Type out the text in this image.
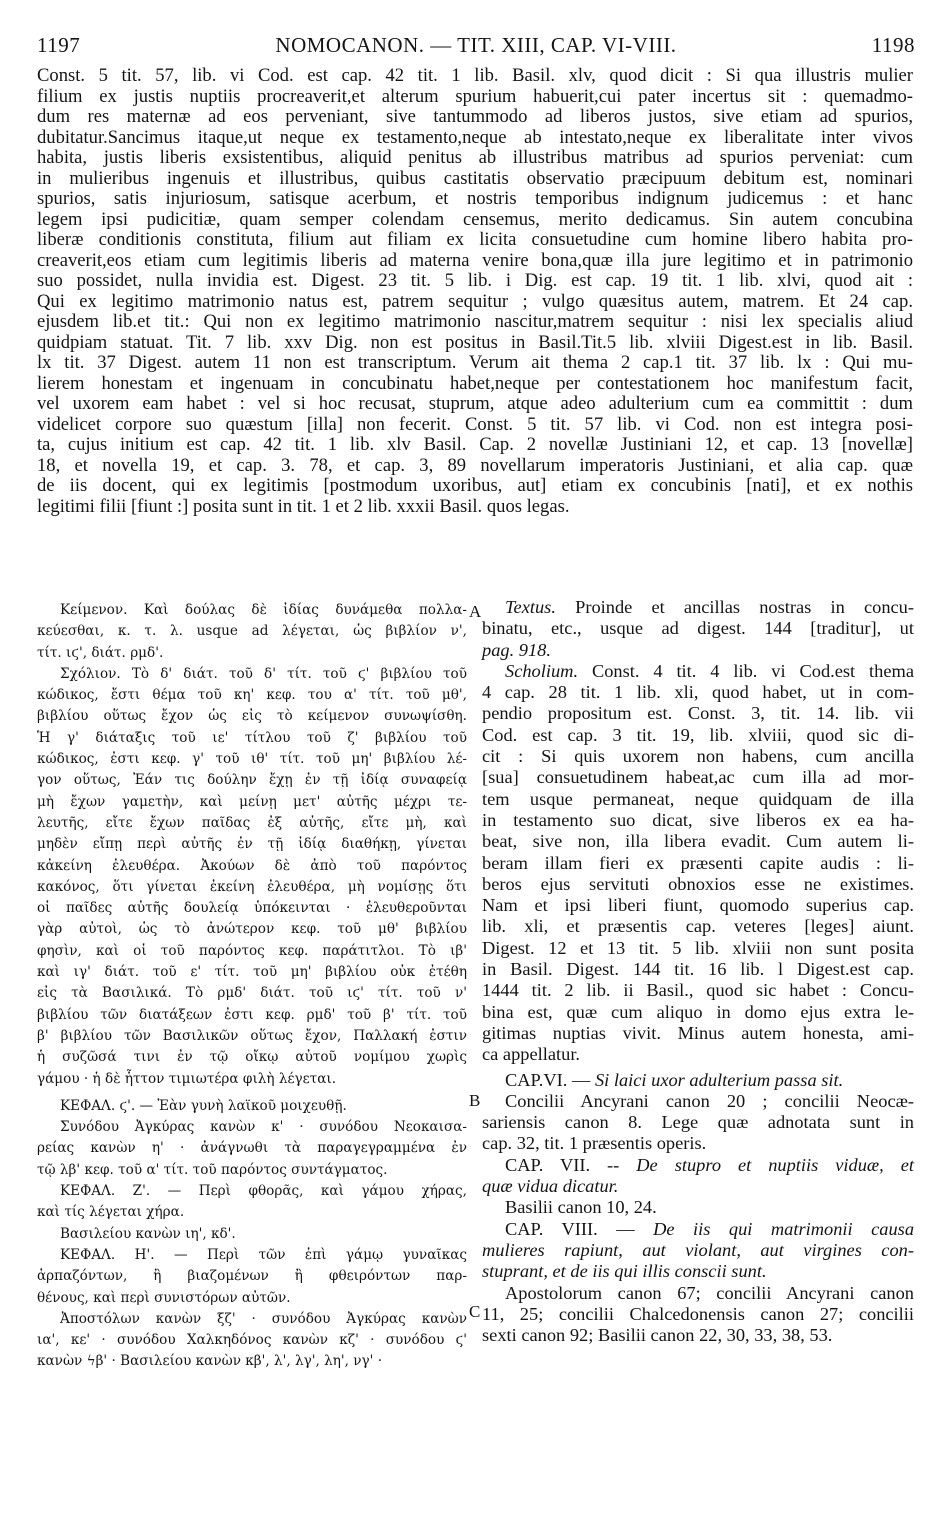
1197	NOMOCANON. — TIT. XIII, CAP. VI-VIII.	1198

Const. 5 tit. 57, lib. vi Cod. est cap. 42 tit. 1 lib. Basil. xlv, quod dicit : Si qua illustris mulier

filium ex justis nuptiis procreaverit,et alterum spurium habuerit,cui pater incertus sit : quemadmo-

dum res maternæ ad eos perveniant, sive tantummodo ad liberos justos, sive etiam ad spurios,

dubitatur.Sancimus itaque,ut neque ex testamento,neque ab intestato,neque ex liberalitate inter vivos

habita, justis liberis exsistentibus, aliquid penitus ab illustribus matribus ad spurios perveniat: cum

in mulieribus ingenuis et illustribus, quibus castitatis observatio præcipuum debitum est, nominari

spurios, satis injuriosum, satisque acerbum, et nostris temporibus indignum judicemus : et hanc

legem ipsi pudicitiæ, quam semper colendam censemus, merito dedicamus. Sin autem concubina

liberæ conditionis constituta, filium aut filiam ex licita consuetudine cum homine libero habita pro-

creaverit,eos etiam cum legitimis liberis ad materna venire bona,quæ illa jure legitimo et in patrimonio

suo possidet, nulla invidia est. Digest. 23 tit. 5 lib. i Dig. est cap. 19 tit. 1 lib. xlvi, quod ait :

Qui ex legitimo matrimonio natus est, patrem sequitur ; vulgo quæsitus autem, matrem. Et 24 cap.

ejusdem lib.et tit.: Qui non ex legitimo matrimonio nascitur,matrem sequitur : nisi lex specialis aliud

quidpiam statuat. Tit. 7 lib. xxv Dig. non est positus in Basil.Tit.5 lib. xlviii Digest.est in lib. Basil.

lx tit. 37 Digest. autem 11 non est transcriptum. Verum ait thema 2 cap.1 tit. 37 lib. lx : Qui mu-

lierem honestam et ingenuam in concubinatu habet,neque per contestationem hoc manifestum facit,

vel uxorem eam habet : vel si hoc recusat, stuprum, atque adeo adulterium cum ea committit : dum

videlicet corpore suo quæstum [illa] non fecerit. Const. 5 tit. 57 lib. vi Cod. non est integra posi-

ta, cujus initium est cap. 42 tit. 1 lib. xlv Basil. Cap. 2 novellæ Justiniani 12, et cap. 13 [novellæ]

18, et novella 19, et cap. 3. 78, et cap. 3, 89 novellarum imperatoris Justiniani, et alia cap. quæ

de iis docent, qui ex legitimis [postmodum uxoribus, aut] etiam ex concubinis [nati], et ex nothis

legitimi filii [fiunt :] posita sunt in tit. 1 et 2 lib. xxxii Basil. quos legas.

A
B
C

Κείμενον. Καὶ δούλας δὲ ἰδίας δυνάμεθα πολλα-

κεύεσθαι, κ. τ. λ. usque ad λέγεται, ὡς βιβλίον ν',

τίτ. ιϛ', διάτ. ρμδ'.

Σχόλιον. Τὸ δ' διάτ. τοῦ δ' τίτ. τοῦ ϛ' βιβλίου τοῦ

κώδικος, ἔστι θέμα τοῦ κη' κεφ. του α' τίτ. τοῦ μθ',

βιβλίου οὕτως ἔχον ὡς εἰς τὸ κείμενον συνωψίσθη.

Ἡ γ' διάταξις τοῦ ιε' τίτλου τοῦ ζ' βιβλίου τοῦ

κώδικος, ἐστι κεφ. γ' τοῦ ιθ' τίτ. τοῦ μη' βιβλίου λέ-

γον οὕτως, Ἐάν τις δούλην ἔχῃ ἐν τῇ ἰδίᾳ συναφείᾳ

μὴ ἔχων γαμετὴν, καὶ μείνῃ μετ' αὐτῆς μέχρι τε-

λευτῆς, εἴτε ἔχων παῖδας ἐξ αὐτῆς, εἴτε μὴ, καὶ

μηδὲν εἴπῃ περὶ αὐτῆς ἐν τῇ ἰδίᾳ διαθήκῃ, γίνεται

κἀκείνη ἐλευθέρα. Ἀκούων δὲ ἀπὸ τοῦ παρόντος

κακόνος, ὅτι γίνεται ἐκείνη ἐλευθέρα, μὴ νομίσῃς ὅτι

οἱ παῖδες αὐτῆς δουλείᾳ ὑπόκεινται · ἐλευθεροῦνται

γὰρ αὐτοὶ, ὡς τὸ ἀνώτερον κεφ. τοῦ μθ' βιβλίου

φησὶν, καὶ οἱ τοῦ παρόντος κεφ. παράτιτλοι. Τὸ ιβ'

καὶ ιγ' διάτ. τοῦ ε' τίτ. τοῦ μη' βιβλίου οὐκ ἐτέθη

εἰς τὰ Βασιλικά. Τὸ ρμδ' διάτ. τοῦ ιϛ' τίτ. τοῦ ν'

βιβλίου τῶν διατάξεων ἐστι κεφ. ρμδ' τοῦ β' τίτ. τοῦ

β' βιβλίου τῶν Βασιλικῶν οὕτως ἔχον, Παλλακή ἐστιν

ἡ συζῶσά τινι ἐν τῷ οἴκῳ αὐτοῦ νομίμου χωρὶς

γάμου · ἡ δὲ ἧττον τιμιωτέρα φιλὴ λέγεται.

ΚΕΦΑΛ. ϛ'. — Ἐὰν γυνὴ λαϊκοῦ μοιχευθῇ.

Συνόδου Ἀγκύρας κανὼν κ' · συνόδου Νεοκαισα-

ρείας κανὼν η' · ἀνάγνωθι τὰ παραγεγραμμένα ἐν

τῷ λβ' κεφ. τοῦ α' τίτ. τοῦ παρόντος συντάγματος.

ΚΕΦΑΛ. Ζ'. — Περὶ φθορᾶς, καὶ γάμου χήρας,

καὶ τίς λέγεται χήρα.

Βασιλείου κανὼν ιη', κδ'.

ΚΕΦΑΛ. Η'. — Περὶ τῶν ἐπὶ γάμῳ γυναῖκας

ἁρπαζόντων, ἢ βιαζομένων ἢ φθειρόντων παρ-

θένους, καὶ περὶ συνιστόρων αὐτῶν.

Ἀποστόλων κανὼν ξζ' · συνόδου Ἀγκύρας κανὼν

ια', κε' · συνόδου Χαλκηδόνος κανὼν κζ' · συνόδου ϛ'

κανὼν ϟβ' · Βασιλείου κανὼν κβ', λ', λγ', λη', νγ' ·

Textus. Proinde et ancillas nostras in concu-

binatu, etc., usque ad digest. 144 [traditur], ut

pag. 918.

Scholium. Const. 4 tit. 4 lib. vi Cod.est thema

4 cap. 28 tit. 1 lib. xli, quod habet, ut in com-

pendio propositum est. Const. 3, tit. 14. lib. vii

Cod. est cap. 3 tit. 19, lib. xlviii, quod sic di-

cit : Si quis uxorem non habens, cum ancilla

[sua] consuetudinem habeat,ac cum illa ad mor-

tem usque permaneat, neque quidquam de illa

in testamento suo dicat, sive liberos ex ea ha-

beat, sive non, illa libera evadit. Cum autem li-

beram illam fieri ex præsenti capite audis : li-

beros ejus servituti obnoxios esse ne existimes.

Nam et ipsi liberi fiunt, quomodo superius cap.

lib. xli, et præsentis cap. veteres [leges] aiunt.

Digest. 12 et 13 tit. 5 lib. xlviii non sunt posita

in Basil. Digest. 144 tit. 16 lib. l Digest.est cap.

1444 tit. 2 lib. ii Basil., quod sic habet : Concu-

bina est, quæ cum aliquo in domo ejus extra le-

gitimas nuptias vivit. Minus autem honesta, ami-

ca appellatur.

CAP.VI. — Si laici uxor adulterium passa sit.

Concilii Ancyrani canon 20 ; concilii Neocæ-

sariensis canon 8. Lege quæ adnotata sunt in

cap. 32, tit. 1 præsentis operis.

CAP. VII. -- De stupro et nuptiis viduæ, et

quæ vidua dicatur.

Basilii canon 10, 24.

CAP. VIII. — De iis qui matrimonii causa

mulieres rapiunt, aut violant, aut virgines con-

stuprant, et de iis qui illis conscii sunt.

Apostolorum canon 67; concilii Ancyrani canon

11, 25; concilii Chalcedonensis canon 27; concilii

sexti canon 92; Basilii canon 22, 30, 33, 38, 53.
